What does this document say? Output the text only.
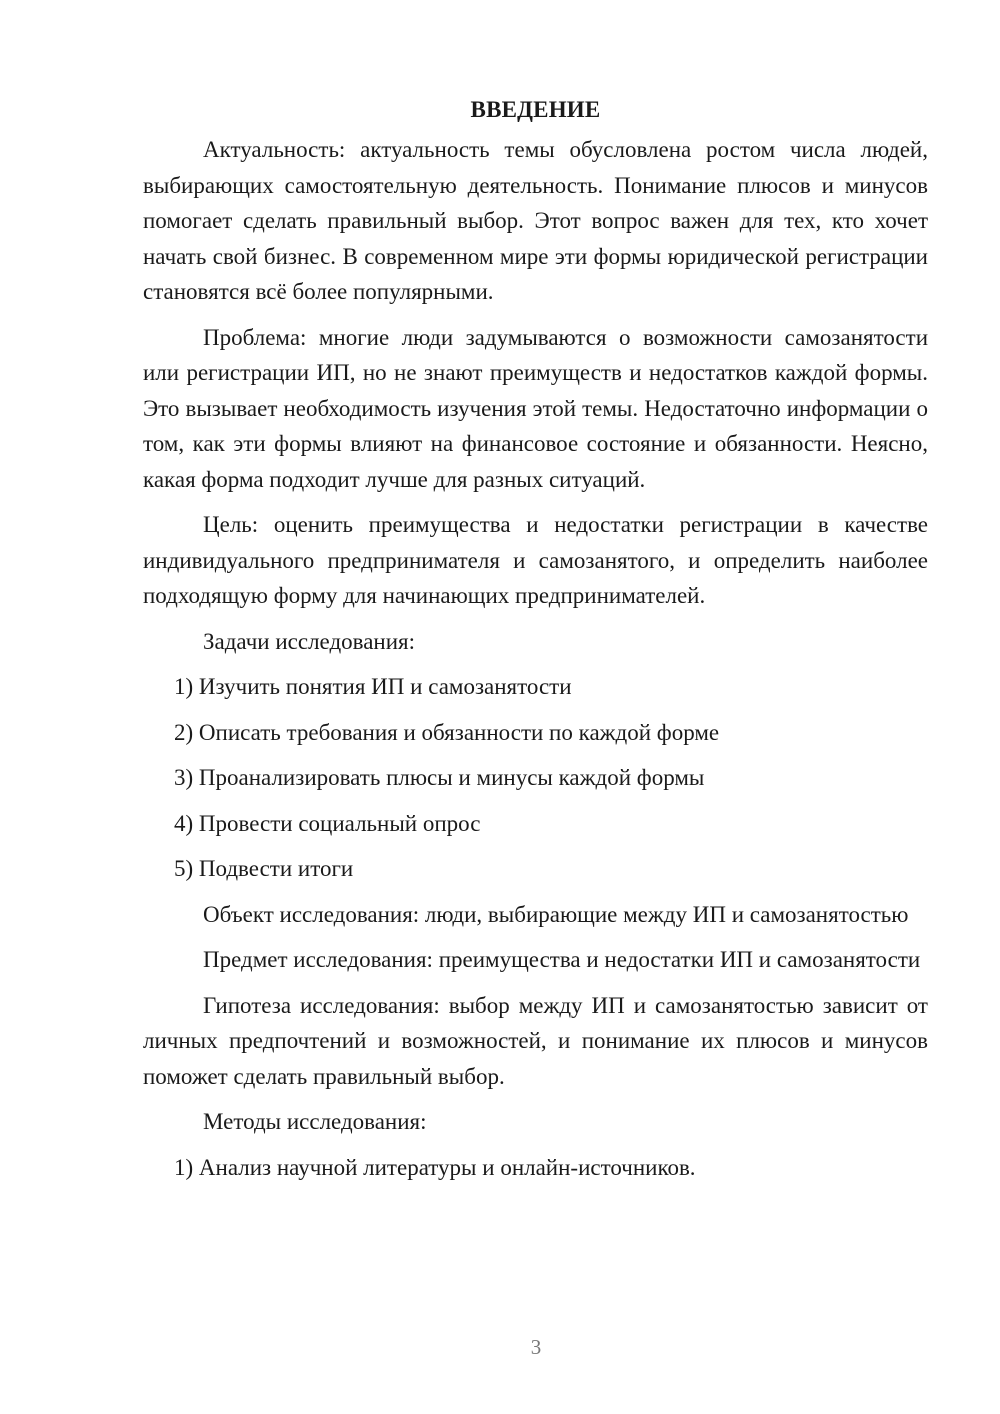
ВВЕДЕНИЕ

Актуальность: актуальность темы обусловлена ростом числа людей, выбирающих самостоятельную деятельность. Понимание плюсов и минусов помогает сделать правильный выбор. Этот вопрос важен для тех, кто хочет начать свой бизнес. В современном мире эти формы юридической регистрации становятся всё более популярными.

Проблема: многие люди задумываются о возможности самозанятости или регистрации ИП, но не знают преимуществ и недостатков каждой формы. Это вызывает необходимость изучения этой темы. Недостаточно информации о том, как эти формы влияют на финансовое состояние и обязанности. Неясно, какая форма подходит лучше для разных ситуаций.

Цель: оценить преимущества и недостатки регистрации в качестве индивидуального предпринимателя и самозанятого, и определить наиболее подходящую форму для начинающих предпринимателей.

Задачи исследования:

1) Изучить понятия ИП и самозанятости
2) Описать требования и обязанности по каждой форме
3) Проанализировать плюсы и минусы каждой формы
4) Провести социальный опрос
5) Подвести итоги

Объект исследования: люди, выбирающие между ИП и самозанятостью

Предмет исследования: преимущества и недостатки ИП и самозанятости

Гипотеза исследования: выбор между ИП и самозанятостью зависит от личных предпочтений и возможностей, и понимание их плюсов и минусов поможет сделать правильный выбор.

Методы исследования:

1) Анализ научной литературы и онлайн-источников.
3
